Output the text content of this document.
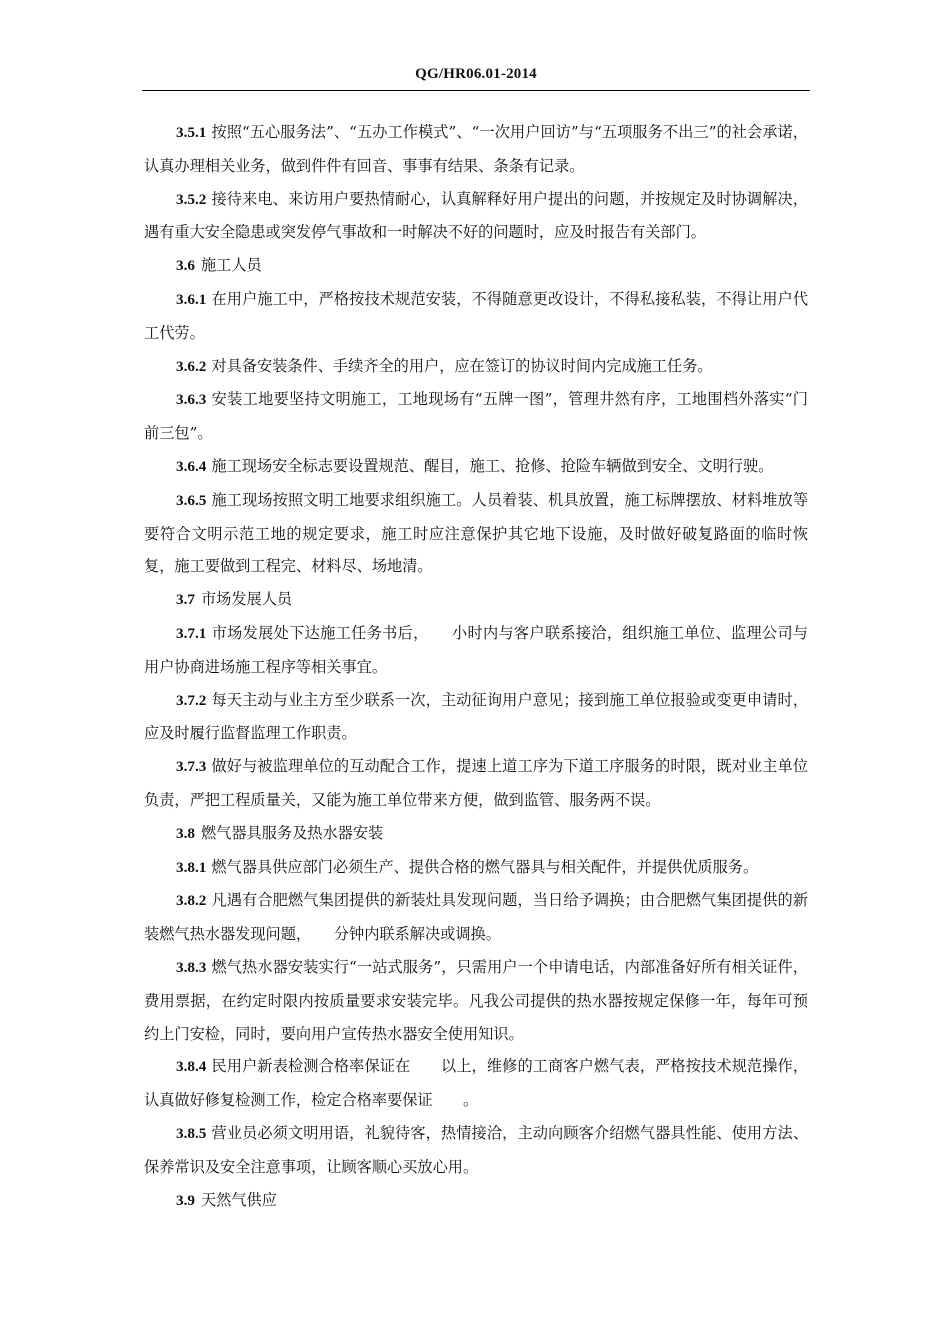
QG/HR06.01-2014

3.5.1 按照“五心服务法”、“五办工作模式”、“一次用户回访”与“五项服务不出三”的社会承诺，认真办理相关业务，做到件件有回音、事事有结果、条条有记录。

3.5.2 接待来电、来访用户要热情耐心，认真解释好用户提出的问题，并按规定及时协调解决，遇有重大安全隐患或突发停气事故和一时解决不好的问题时，应及时报告有关部门。

3.6 施工人员

3.6.1 在用户施工中，严格按技术规范安装，不得随意更改设计，不得私接私装，不得让用户代工代劳。

3.6.2 对具备安装条件、手续齐全的用户，应在签订的协议时间内完成施工任务。

3.6.3 安装工地要坚持文明施工，工地现场有“五牌一图”，管理井然有序，工地围档外落实“门前三包”。

3.6.4 施工现场安全标志要设置规范、醒目，施工、抢修、抢险车辆做到安全、文明行驶。

3.6.5 施工现场按照文明工地要求组织施工。人员着装、机具放置，施工标牌摆放、材料堆放等要符合文明示范工地的规定要求，施工时应注意保护其它地下设施，及时做好破复路面的临时恢复，施工要做到工程完、材料尽、场地清。

3.7 市场发展人员

3.7.1 市场发展处下达施工任务书后，　　小时内与客户联系接洽，组织施工单位、监理公司与用户协商进场施工程序等相关事宜。

3.7.2 每天主动与业主方至少联系一次，主动征询用户意见；接到施工单位报验或变更申请时，应及时履行监督监理工作职责。

3.7.3 做好与被监理单位的互动配合工作，提速上道工序为下道工序服务的时限，既对业主单位负责，严把工程质量关，又能为施工单位带来方便，做到监管、服务两不误。

3.8 燃气器具服务及热水器安装

3.8.1 燃气器具供应部门必须生产、提供合格的燃气器具与相关配件，并提供优质服务。

3.8.2 凡遇有合肥燃气集团提供的新装灶具发现问题，当日给予调换；由合肥燃气集团提供的新装燃气热水器发现问题，　　分钟内联系解决或调换。

3.8.3 燃气热水器安装实行“一站式服务”，只需用户一个申请电话，内部准备好所有相关证件，费用票据，在约定时限内按质量要求安装完毕。凡我公司提供的热水器按规定保修一年，每年可预约上门安检，同时，要向用户宣传热水器安全使用知识。

3.8.4 民用户新表检测合格率保证在　　以上，维修的工商客户燃气表，严格按技术规范操作，认真做好修复检测工作，检定合格率要保证　　。

3.8.5 营业员必须文明用语，礼貌待客，热情接洽，主动向顾客介绍燃气器具性能、使用方法、保养常识及安全注意事项，让顾客顺心买放心用。

3.9 天然气供应
